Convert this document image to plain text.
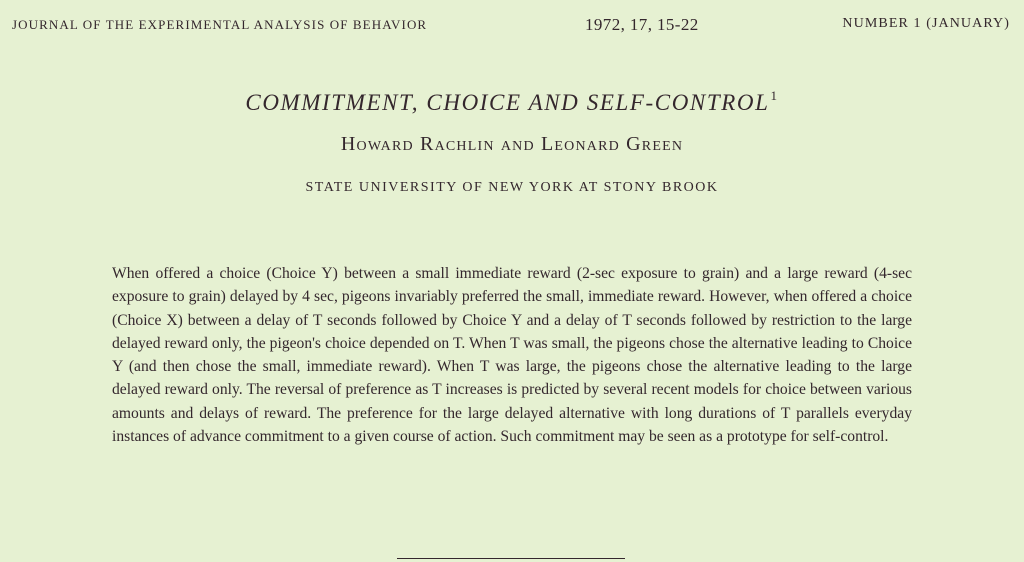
JOURNAL OF THE EXPERIMENTAL ANALYSIS OF BEHAVIOR	1972, 17, 15-22	NUMBER 1 (JANUARY)
COMMITMENT, CHOICE AND SELF-CONTROL$^1$
Howard Rachlin and Leonard Green
STATE UNIVERSITY OF NEW YORK AT STONY BROOK
When offered a choice (Choice Y) between a small immediate reward (2-sec exposure to grain) and a large reward (4-sec exposure to grain) delayed by 4 sec, pigeons invariably preferred the small, immediate reward. However, when offered a choice (Choice X) between a delay of T seconds followed by Choice Y and a delay of T seconds followed by restriction to the large delayed reward only, the pigeon's choice depended on T. When T was small, the pigeons chose the alternative leading to Choice Y (and then chose the small, immediate reward). When T was large, the pigeons chose the alternative leading to the large delayed reward only. The reversal of preference as T increases is predicted by several recent models for choice between various amounts and delays of reward. The preference for the large delayed alternative with long durations of T parallels everyday instances of advance commitment to a given course of action. Such commitment may be seen as a prototype for self-control.
